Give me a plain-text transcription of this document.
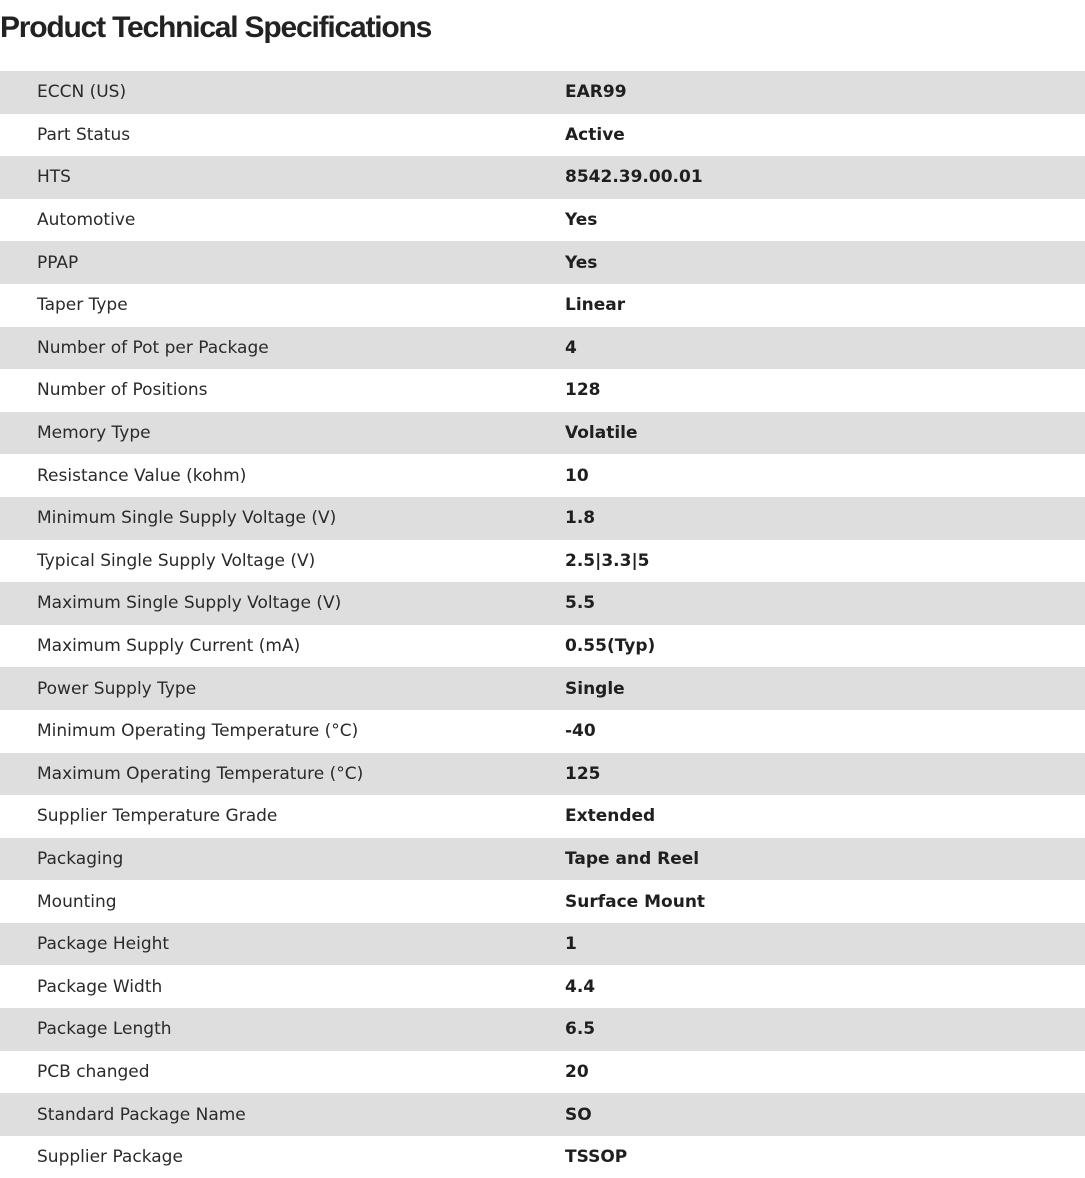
Product Technical Specifications
ECCN (US)	EAR99
Part Status	Active
HTS	8542.39.00.01
Automotive	Yes
PPAP	Yes
Taper Type	Linear
Number of Pot per Package	4
Number of Positions	128
Memory Type	Volatile
Resistance Value (kohm)	10
Minimum Single Supply Voltage (V)	1.8
Typical Single Supply Voltage (V)	2.5|3.3|5
Maximum Single Supply Voltage (V)	5.5
Maximum Supply Current (mA)	0.55(Typ)
Power Supply Type	Single
Minimum Operating Temperature (°C)	-40
Maximum Operating Temperature (°C)	125
Supplier Temperature Grade	Extended
Packaging	Tape and Reel
Mounting	Surface Mount
Package Height	1
Package Width	4.4
Package Length	6.5
PCB changed	20
Standard Package Name	SO
Supplier Package	TSSOP
